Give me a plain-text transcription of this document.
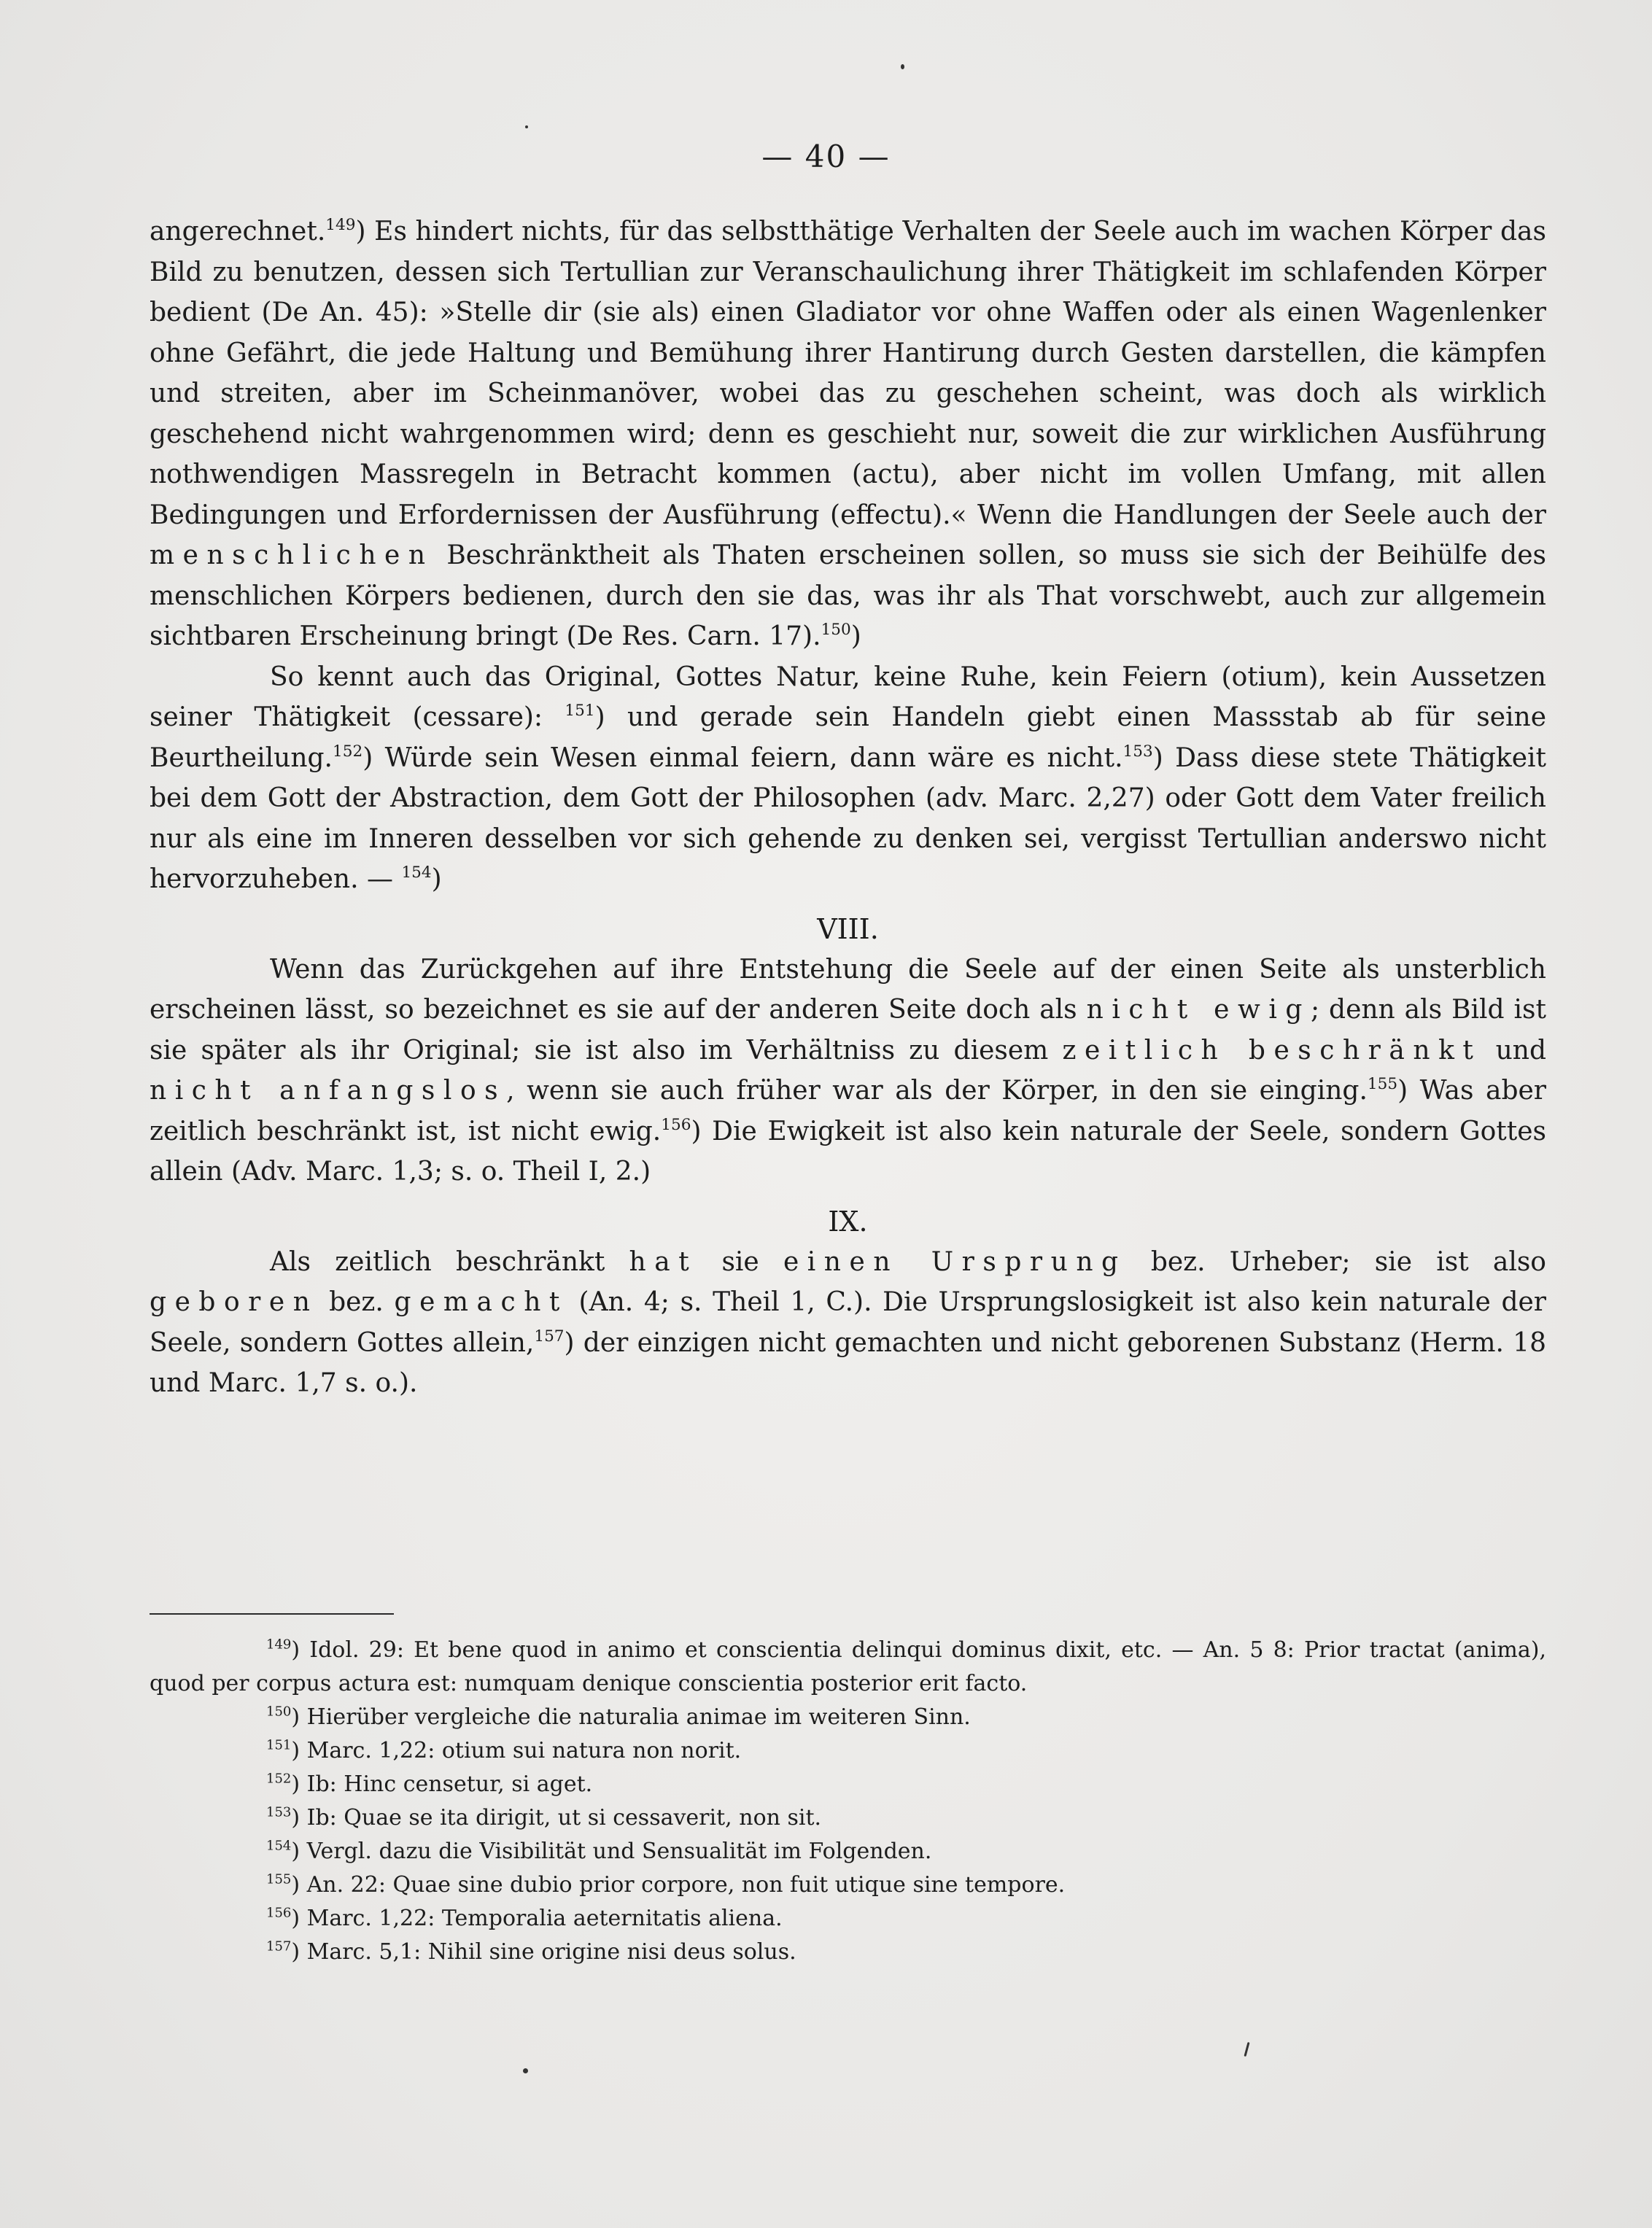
— 40 —

angerechnet.$^{149}$) Es hindert nichts, für das selbstthätige Verhalten der Seele auch im wachen Körper das Bild zu benutzen, dessen sich Tertullian zur Veranschaulichung ihrer Thätigkeit im schlafenden Körper bedient (De An. 45): »Stelle dir (sie als) einen Gladiator vor ohne Waffen oder als einen Wagenlenker ohne Gefährt, die jede Haltung und Bemühung ihrer Hantirung durch Gesten darstellen, die kämpfen und streiten, aber im Scheinmanöver, wobei das zu geschehen scheint, was doch als wirklich geschehend nicht wahrgenommen wird; denn es geschieht nur, soweit die zur wirklichen Ausführung nothwendigen Massregeln in Betracht kommen (actu), aber nicht im vollen Umfang, mit allen Bedingungen und Erfordernissen der Ausführung (effectu).« Wenn die Handlungen der Seele auch der menschlichen Beschränktheit als Thaten erscheinen sollen, so muss sie sich der Beihülfe des menschlichen Körpers bedienen, durch den sie das, was ihr als That vorschwebt, auch zur allgemein sichtbaren Erscheinung bringt (De Res. Carn. 17).$^{150}$)

So kennt auch das Original, Gottes Natur, keine Ruhe, kein Feiern (otium), kein Aussetzen seiner Thätigkeit (cessare): $^{151}$) und gerade sein Handeln giebt einen Massstab ab für seine Beurtheilung.$^{152}$) Würde sein Wesen einmal feiern, dann wäre es nicht.$^{153}$) Dass diese stete Thätigkeit bei dem Gott der Abstraction, dem Gott der Philosophen (adv. Marc. 2,27) oder Gott dem Vater freilich nur als eine im Inneren desselben vor sich gehende zu denken sei, vergisst Tertullian anderswo nicht hervorzuheben. — $^{154}$)

VIII.

Wenn das Zurückgehen auf ihre Entstehung die Seele auf der einen Seite als unsterblich erscheinen lässt, so bezeichnet es sie auf der anderen Seite doch als nicht ewig; denn als Bild ist sie später als ihr Original; sie ist also im Verhältniss zu diesem zeitlich beschränkt und nicht anfangslos, wenn sie auch früher war als der Körper, in den sie einging.$^{155}$) Was aber zeitlich beschränkt ist, ist nicht ewig.$^{156}$) Die Ewigkeit ist also kein naturale der Seele, sondern Gottes allein (Adv. Marc. 1,3; s. o. Theil I, 2.)

IX.

Als zeitlich beschränkt hat sie einen Ursprung bez. Urheber; sie ist also geboren bez. gemacht (An. 4; s. Theil 1, C.). Die Ursprungslosigkeit ist also kein naturale der Seele, sondern Gottes allein,$^{157}$) der einzigen nicht gemachten und nicht geborenen Substanz (Herm. 18 und Marc. 1,7 s. o.).

$^{149}$) Idol. 29: Et bene quod in animo et conscientia delinqui dominus dixit, etc. — An. 5 8: Prior tractat (anima), quod per corpus actura est: numquam denique conscientia posterior erit facto.

$^{150}$) Hierüber vergleiche die naturalia animae im weiteren Sinn.

$^{151}$) Marc. 1,22: otium sui natura non norit.

$^{152}$) Ib: Hinc censetur, si aget.

$^{153}$) Ib: Quae se ita dirigit, ut si cessaverit, non sit.

$^{154}$) Vergl. dazu die Visibilität und Sensualität im Folgenden.

$^{155}$) An. 22: Quae sine dubio prior corpore, non fuit utique sine tempore.

$^{156}$) Marc. 1,22: Temporalia aeternitatis aliena.

$^{157}$) Marc. 5,1: Nihil sine origine nisi deus solus.
